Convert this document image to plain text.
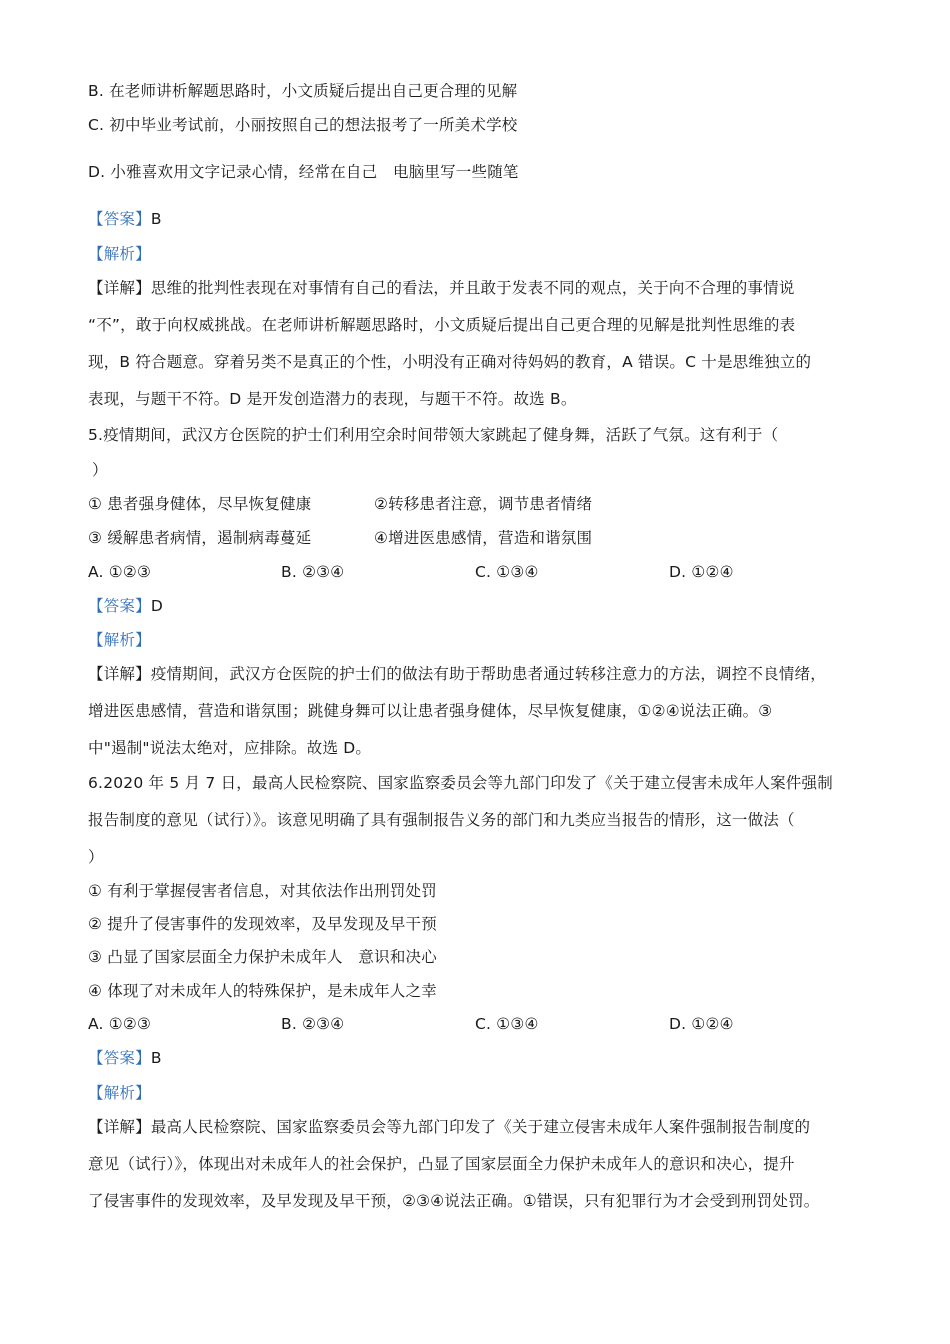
B. 在老师讲析解题思路时，小文质疑后提出自己更合理的见解
C. 初中毕业考试前，小丽按照自己的想法报考了一所美术学校
D. 小雅喜欢用文字记录心情，经常在自己　电脑里写一些随笔
【答案】B
【解析】
【详解】思维的批判性表现在对事情有自己的看法，并且敢于发表不同的观点，关于向不合理的事情说
“不”，敢于向权威挑战。在老师讲析解题思路时，小文质疑后提出自己更合理的见解是批判性思维的表
现，B 符合题意。穿着另类不是真正的个性，小明没有正确对待妈妈的教育，A 错误。C 十是思维独立的
表现，与题干不符。D 是开发创造潜力的表现，与题干不符。故选 B。
5.疫情期间，武汉方仓医院的护士们利用空余时间带领大家跳起了健身舞，活跃了气氛。这有利于（
）
① 患者强身健体，尽早恢复健康	②转移患者注意，调节患者情绪
③ 缓解患者病情，遏制病毒蔓延	④增进医患感情，营造和谐氛围
A. ①②③	B. ②③④	C. ①③④	D. ①②④
【答案】D
【解析】
【详解】疫情期间，武汉方仓医院的护士们的做法有助于帮助患者通过转移注意力的方法，调控不良情绪，
增进医患感情，营造和谐氛围；跳健身舞可以让患者强身健体，尽早恢复健康，①②④说法正确。③
中"遏制"说法太绝对，应排除。故选 D。
6.2020 年 5 月 7 日，最高人民检察院、国家监察委员会等九部门印发了《关于建立侵害未成年人案件强制
报告制度的意见（试行）》。该意见明确了具有强制报告义务的部门和九类应当报告的情形，这一做法（
）
① 有利于掌握侵害者信息，对其依法作出刑罚处罚
② 提升了侵害事件的发现效率，及早发现及早干预
③ 凸显了国家层面全力保护未成年人　意识和决心
④ 体现了对未成年人的特殊保护，是未成年人之幸
A. ①②③	B. ②③④	C. ①③④	D. ①②④
【答案】B
【解析】
【详解】最高人民检察院、国家监察委员会等九部门印发了《关于建立侵害未成年人案件强制报告制度的
意见（试行）》，体现出对未成年人的社会保护，凸显了国家层面全力保护未成年人的意识和决心，提升
了侵害事件的发现效率，及早发现及早干预，②③④说法正确。①错误，只有犯罪行为才会受到刑罚处罚。
